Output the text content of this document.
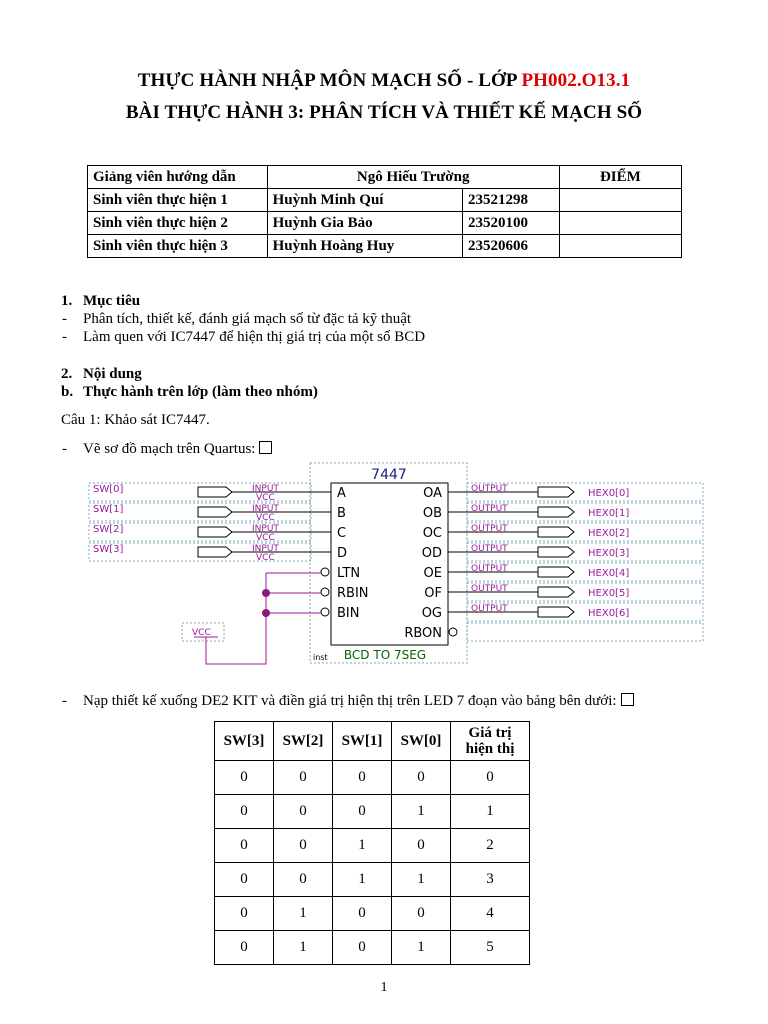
THỰC HÀNH NHẬP MÔN MẠCH SỐ - LỚP PH002.O13.1
BÀI THỰC HÀNH 3: PHÂN TÍCH VÀ THIẾT KẾ MẠCH SỐ
Giảng viên hướng dẫn	Ngô Hiếu Trường		ĐIỂM
Sinh viên thực hiện 1	Huỳnh Minh Quí	23521298	
Sinh viên thực hiện 2	Huỳnh Gia Bảo	23520100	
Sinh viên thực hiện 3	Huỳnh Hoàng Huy	23520606	
1. Mục tiêu
- Phân tích, thiết kế, đánh giá mạch số từ đặc tả kỹ thuật
- Làm quen với IC7447 để hiện thị giá trị của một số BCD
2. Nội dung
b. Thực hành trên lớp (làm theo nhóm)
Câu 1: Khảo sát IC7447.
- Vẽ sơ đồ mạch trên Quartus:
7447
BCD TO 7SEG
inst
A
B
C
D
LTN
RBIN
BIN
OA
OB
OC
OD
OE
OF
OG
RBON
SW[0]	INPUT
VCC
SW[1]	INPUT
VCC
SW[2]	INPUT
VCC
SW[3]	INPUT
VCC
OUTPUT	HEX0[0]
OUTPUT	HEX0[1]
OUTPUT	HEX0[2]
OUTPUT	HEX0[3]
OUTPUT	HEX0[4]
OUTPUT	HEX0[5]
OUTPUT	HEX0[6]
VCC
- Nạp thiết kế xuống DE2 KIT và điền giá trị hiện thị trên LED 7 đoạn vào bảng bên dưới:
SW[3]	SW[2]	SW[1]	SW[0]	Giá trị
hiện thị
0	0	0	0	0
0	0	0	1	1
0	0	1	0	2
0	0	1	1	3
0	1	0	0	4
0	1	0	1	5
1
